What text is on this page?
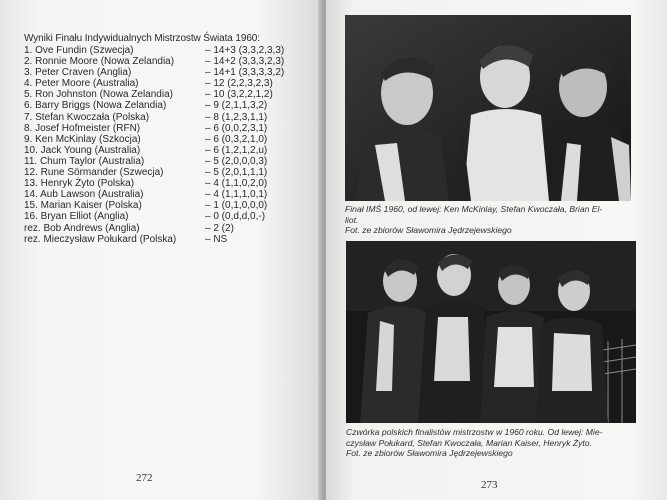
Wyniki Finału Indywidualnych Mistrzostw Świata 1960:

1. Ove Fundin (Szwecja)	– 14+3 (3,3,2,3,3)
2. Ronnie Moore (Nowa Zelandia)	– 14+2 (3,3,3,2,3)
3. Peter Craven (Anglia)	– 14+1 (3,3,3,3,2)
4. Peter Moore (Australia)	– 12 (2,2,3,2,3)
5. Ron Johnston (Nowa Zelandia)	– 10 (3,2,2,1,2)
6. Barry Briggs (Nowa Zelandia)	– 9 (2,1,1,3,2)
7. Stefan Kwoczała (Polska)	– 8 (1,2,3,1,1)
8. Josef Hofmeister (RFN)	– 6 (0,0,2,3,1)
9. Ken McKinlay (Szkocja)	– 6 (0,3,2,1,0)
10. Jack Young (Australia)	– 6 (1,2,1,2,u)
11. Chum Taylor (Australia)	– 5 (2,0,0,0,3)
12. Rune Sörmander (Szwecja)	– 5 (2,0,1,1,1)
13. Henryk Żyto (Polska)	– 4 (1,1,0,2,0)
14. Aub Lawson (Australia)	– 4 (1,1,1,0,1)
15. Marian Kaiser (Polska)	– 1 (0,1,0,0,0)
16. Bryan Elliot (Anglia)	– 0 (0,d,d,0,-)
rez. Bob Andrews (Anglia)	– 2 (2)
rez. Mieczysław Połukard (Polska)	– NS
272

Finał IMŚ 1960, od lewej: Ken McKinlay, Stefan Kwoczała, Brian El-

liot.

Fot. ze zbiorów Sławomira Jędrzejewskiego

Czwórka polskich finalistów mistrzostw w 1960 roku. Od lewej: Mie-

czysław Połukard, Stefan Kwoczała, Marian Kaiser, Henryk Żyto.

Fot. ze zbiorów Sławomira Jędrzejewskiego

273
